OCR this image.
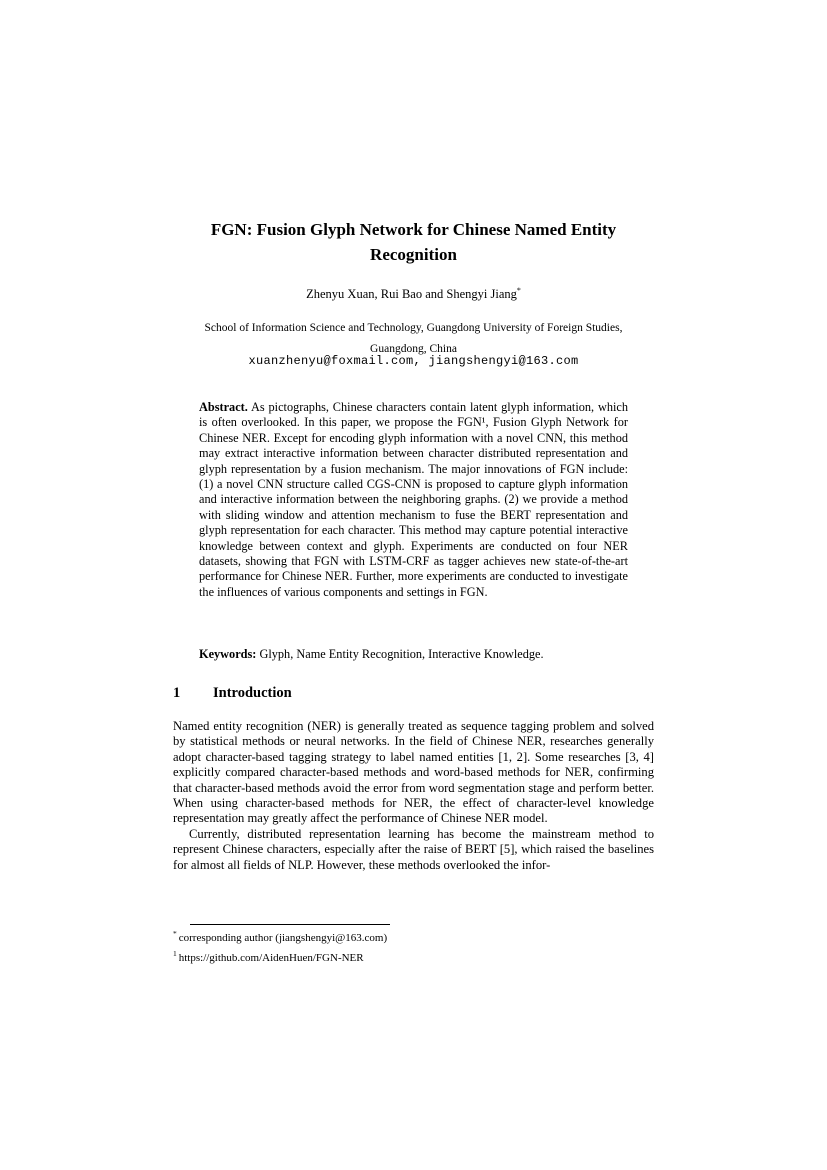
FGN: Fusion Glyph Network for Chinese Named Entity
Recognition
Zhenyu Xuan, Rui Bao and Shengyi Jiang*
School of Information Science and Technology, Guangdong University of Foreign Studies,
Guangdong, China
xuanzhenyu@foxmail.com, jiangshengyi@163.com
Abstract. As pictographs, Chinese characters contain latent glyph information, which is often overlooked. In this paper, we propose the FGN¹, Fusion Glyph Network for Chinese NER. Except for encoding glyph information with a novel CNN, this method may extract interactive information between character distributed representation and glyph representation by a fusion mechanism. The major innovations of FGN include: (1) a novel CNN structure called CGS-CNN is proposed to capture glyph information and interactive information between the neighboring graphs. (2) we provide a method with sliding window and attention mechanism to fuse the BERT representation and glyph representation for each character. This method may capture potential interactive knowledge between context and glyph. Experiments are conducted on four NER datasets, showing that FGN with LSTM-CRF as tagger achieves new state-of-the-art performance for Chinese NER. Further, more experiments are conducted to investigate the influences of various components and settings in FGN.
Keywords: Glyph, Name Entity Recognition, Interactive Knowledge.
1 Introduction

Named entity recognition (NER) is generally treated as sequence tagging problem and solved by statistical methods or neural networks. In the field of Chinese NER, researches generally adopt character-based tagging strategy to label named entities [1, 2]. Some researches [3, 4] explicitly compared character-based methods and word-based methods for NER, confirming that character-based methods avoid the error from word segmentation stage and perform better. When using character-based methods for NER, the effect of character-level knowledge representation may greatly affect the performance of Chinese NER model.

Currently, distributed representation learning has become the mainstream method to represent Chinese characters, especially after the raise of BERT [5], which raised the baselines for almost all fields of NLP. However, these methods overlooked the infor-

* corresponding author (jiangshengyi@163.com)
$^1$ https://github.com/AidenHuen/FGN-NER
